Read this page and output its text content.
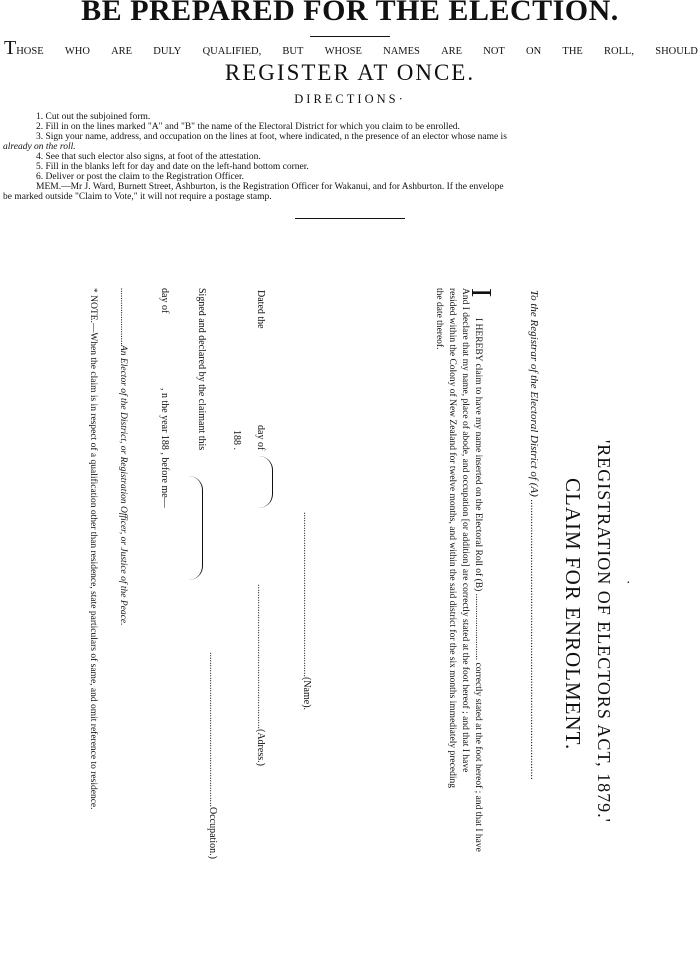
BE PREPARED FOR THE ELECTION.
THOSE WHO ARE DULY QUALIFIED, BUT WHOSE NAMES ARE NOT ON THE ROLL, SHOULD
REGISTER AT ONCE.
DIRECTIONS·
1. Cut out the subjoined form.
2. Fill in on the lines marked "A" and "B" the name of the Electoral District for which you claim to be enrolled.
3. Sign your name, address, and occupation on the lines at foot, where indicated, n the presence of an elector whose name is
already on the roll.
4. See that such elector also signs, at foot of the attestation.
5. Fill in the blanks left for day and date on the left-hand bottom corner.
6. Deliver or post the claim to the Registration Officer.
MEM.—Mr J. Ward, Burnett Street, Ashburton, is the Registration Officer for Wakanui, and for Ashburton. If the envelope
be marked outside "Claim to Vote," it will not require a postage stamp.
·
'REGISTRATION OF ELECTORS ACT, 1879.'
CLAIM FOR ENROLMENT.
To the Registrar of the Electoral District of (A) ......................................................................................................
I
I HEREBY claim to have my name inserted on the Electoral Roll of (B) ............................ correctly stated at the foot hereof ; and that I have
And I declare that my name, place of abode, and occupation [or addition] are correctly stated at the foot hereof ; and that I have
resided within the Colony of New Zealand for twelve months, and within the said district for the six months immediately preceding
the date thereof.
..................................................................(Name).
..........................................................(Adress.)
..............................................................Occupation.)
Dated the
day of
188 .
Signed and declared by the claimant this
day of
, n the year 188 , before me—
........................An Elector of the District, or Registration Officer, or Justice of the Peace.
* NOTE.—When the claim is in respect of a qualification other than residence, state particulars of same, and omit reference to residence.
